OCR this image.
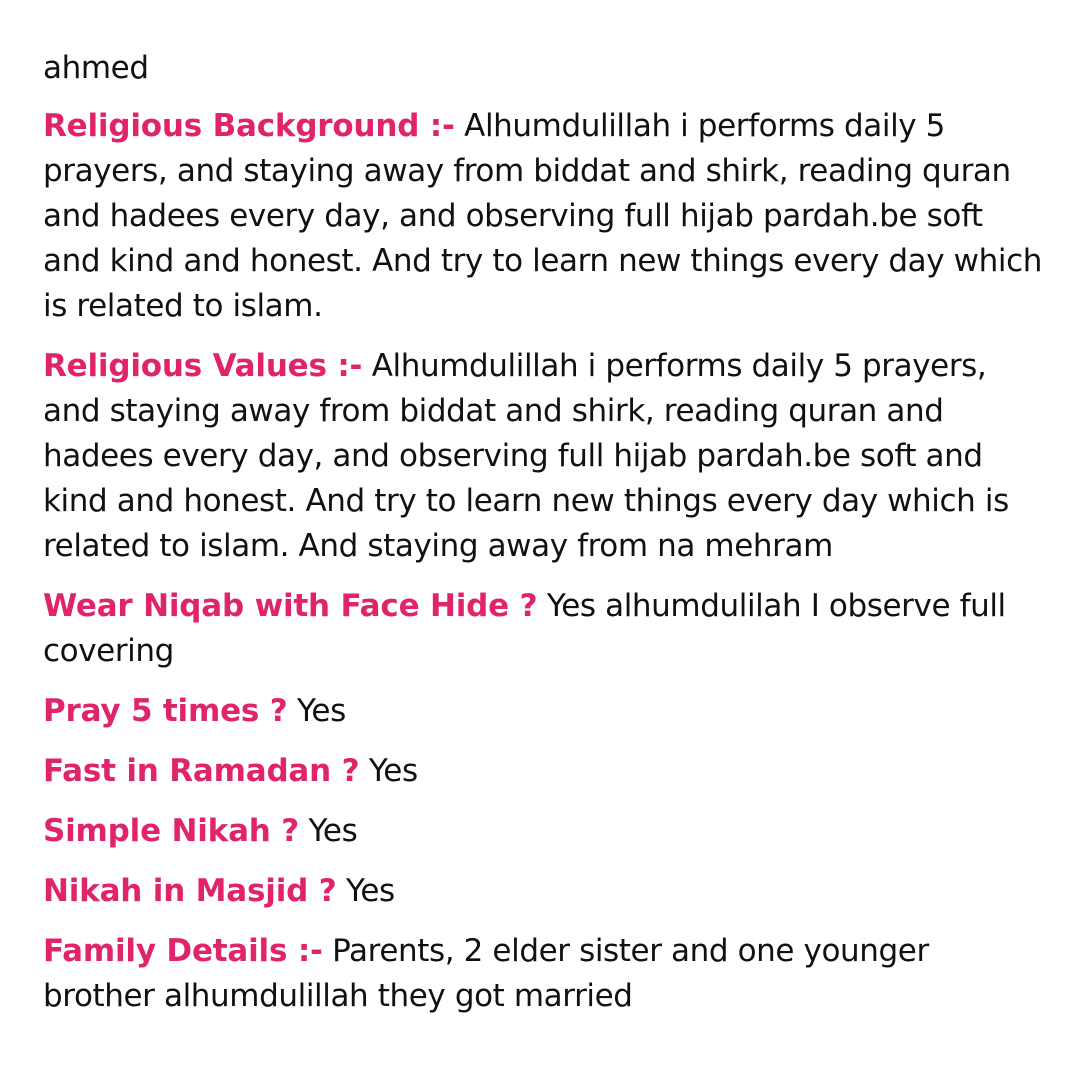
ahmed
Religious Background :- Alhumdulillah i performs daily 5 prayers, and staying away from biddat and shirk, reading quran and hadees every day, and observing full hijab pardah.be soft and kind and honest. And try to learn new things every day which is related to islam.
Religious Values :- Alhumdulillah i performs daily 5 prayers, and staying away from biddat and shirk, reading quran and hadees every day, and observing full hijab pardah.be soft and kind and honest. And try to learn new things every day which is related to islam. And staying away from na mehram
Wear Niqab with Face Hide ? Yes alhumdulilah I observe full covering
Pray 5 times ? Yes
Fast in Ramadan ? Yes
Simple Nikah ? Yes
Nikah in Masjid ? Yes
Family Details :- Parents, 2 elder sister and one younger brother alhumdulillah they got married
